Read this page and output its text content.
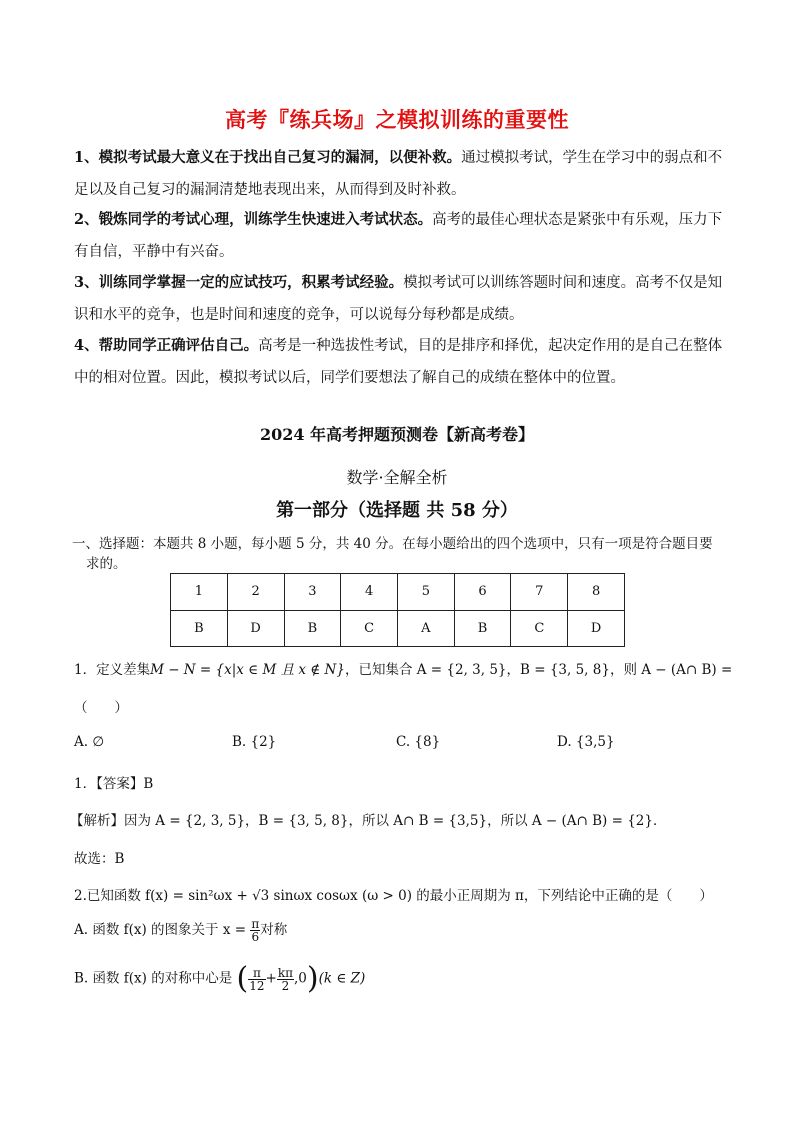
高考『练兵场』之模拟训练的重要性
1、模拟考试最大意义在于找出自己复习的漏洞，以便补救。通过模拟考试，学生在学习中的弱点和不足以及自己复习的漏洞清楚地表现出来，从而得到及时补救。
2、锻炼同学的考试心理，训练学生快速进入考试状态。高考的最佳心理状态是紧张中有乐观，压力下有自信，平静中有兴奋。
3、训练同学掌握一定的应试技巧，积累考试经验。模拟考试可以训练答题时间和速度。高考不仅是知识和水平的竞争，也是时间和速度的竞争，可以说每分每秒都是成绩。
4、帮助同学正确评估自己。高考是一种选拔性考试，目的是排序和择优，起决定作用的是自己在整体中的相对位置。因此，模拟考试以后，同学们要想法了解自己的成绩在整体中的位置。
2024 年高考押题预测卷【新高考卷】
数学·全解全析
第一部分（选择题 共 58 分）
一、选择题：本题共 8 小题，每小题 5 分，共 40 分。在每小题给出的四个选项中，只有一项是符合题目要
求的。
1	2	3	4	5	6	7	8
B	D	B	C	A	B	C	D
1．定义差集M − N = {x|x ∈ M 且 x ∉ N}，已知集合 A = {2, 3, 5}，B = {3, 5, 8}，则 A − (A∩ B) =
（　　）
A. ∅	B. {2}	C. {8}	D. {3,5}
1．【答案】B
【解析】因为 A = {2, 3, 5}，B = {3, 5, 8}，所以 A∩ B = {3,5}，所以 A − (A∩ B) = {2}．
故选：B
2.已知函数 f(x) = sin²ωx + √3 sinωx cosωx (ω > 0) 的最小正周期为 π，下列结论中正确的是（　　）
A. 函数 f(x) 的图象关于 $x = \frac{\pi}{6}$ 对称
B. 函数 f(x) 的对称中心是 ( $\frac{\pi}{12} + \frac{k\pi}{2} ,0)(k$ ∈ Z)
